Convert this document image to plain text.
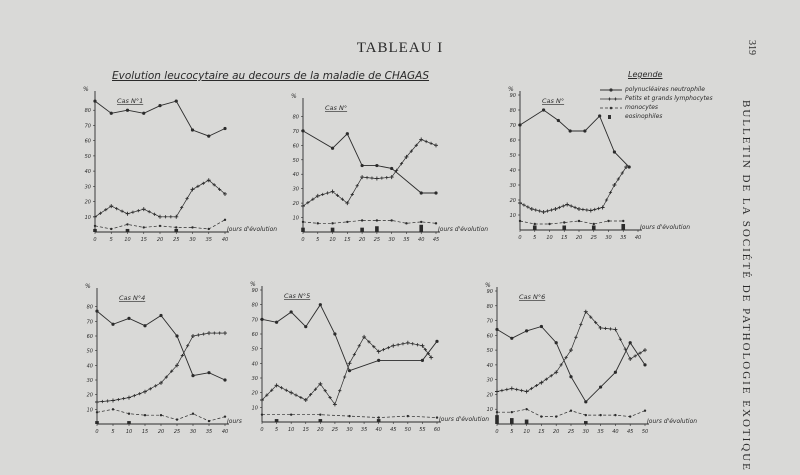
TABLEAU I
Evolution leucocytaire au decours de la maladie de CHAGAS
319
BULLETIN DE LA SOCIÉTÉ DE PATHOLOGIE EXOTIQUE
Legende
polynucléaires neutrophile
Petits et grands lymphocytes
monocytes
eosinophiles
10
20
30
40
50
60
70
80
%
0	5 10 15 20 25 30 35 40
Cas N°1
Jours d'évolution
10
20
30
40
50
60
70
80
%
0 5 10 15 20 25 30 35 40 45
Cas N°
Jours d'évolution
10
20
30
40
50
60
70
80
90
%
0 5 10 15 20 25 30 35 40
Cas N°
Jours d'évolution
10
20
30
40
50
60
70
80
%
0	5 10 15 20 25 30 35 40
Cas N°4
Jours
10
20
30
40
50
60
70
80
90
%
0 5 10 15 20 25 30 35 40 45 50 55 60
Cas N°5
Jours d'évolution
10
20
30
40
50
60
70
80
90
%
0 5 10 15 20 25 30 35 40 45 50
Cas N°6
Jours d'évolution
